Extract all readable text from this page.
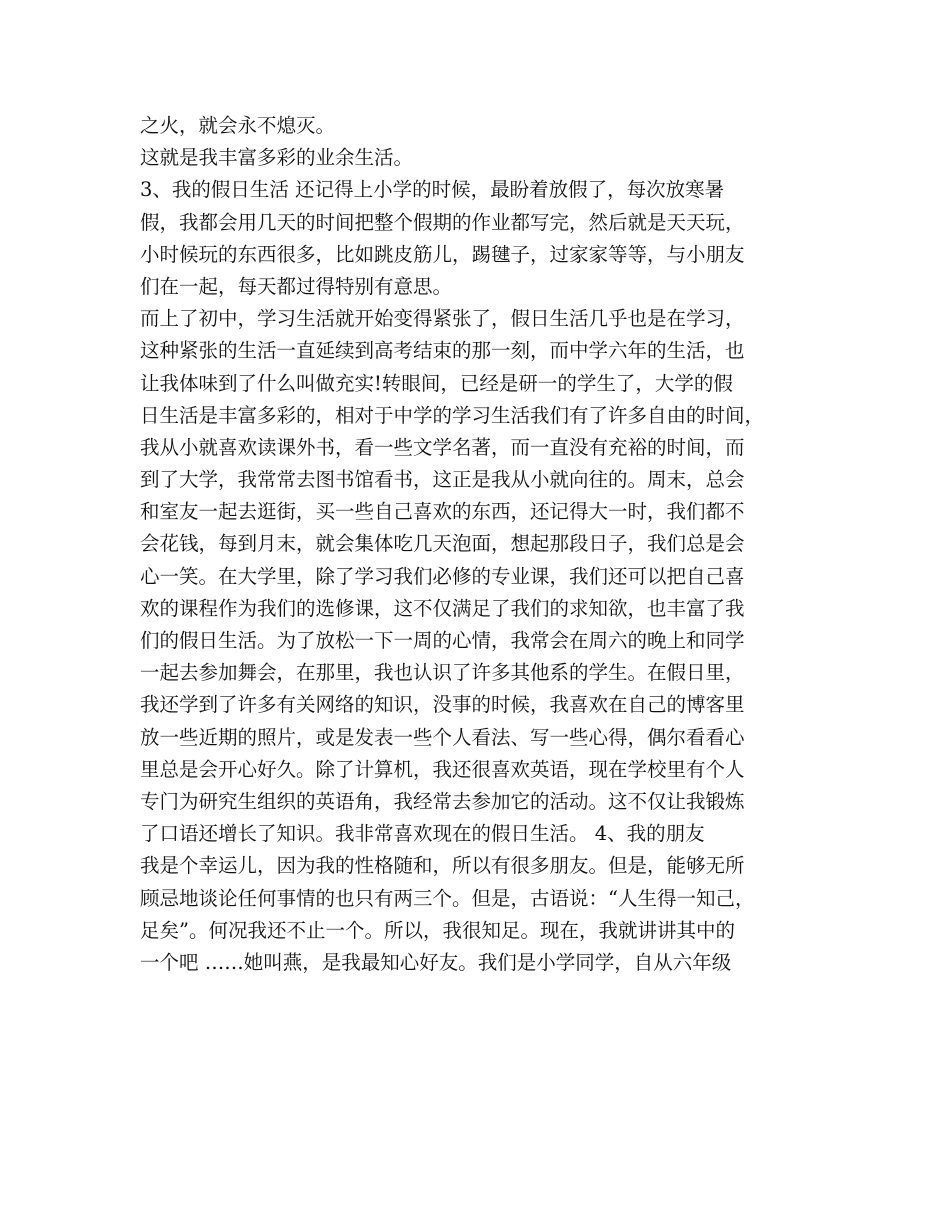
之火，就会永不熄灭。
这就是我丰富多彩的业余生活。
3、我的假日生活 还记得上小学的时候，最盼着放假了，每次放寒暑
假，我都会用几天的时间把整个假期的作业都写完，然后就是天天玩，
小时候玩的东西很多，比如跳皮筋儿，踢毽子，过家家等等，与小朋友
们在一起，每天都过得特别有意思。
而上了初中，学习生活就开始变得紧张了，假日生活几乎也是在学习，
这种紧张的生活一直延续到高考结束的那一刻，而中学六年的生活，也
让我体味到了什么叫做充实!转眼间，已经是研一的学生了，大学的假
日生活是丰富多彩的，相对于中学的学习生活我们有了许多自由的时间，
我从小就喜欢读课外书，看一些文学名著，而一直没有充裕的时间，而
到了大学，我常常去图书馆看书，这正是我从小就向往的。周末，总会
和室友一起去逛街，买一些自己喜欢的东西，还记得大一时，我们都不
会花钱，每到月末，就会集体吃几天泡面，想起那段日子，我们总是会
心一笑。在大学里，除了学习我们必修的专业课，我们还可以把自己喜
欢的课程作为我们的选修课，这不仅满足了我们的求知欲，也丰富了我
们的假日生活。为了放松一下一周的心情，我常会在周六的晚上和同学
一起去参加舞会，在那里，我也认识了许多其他系的学生。在假日里，
我还学到了许多有关网络的知识，没事的时候，我喜欢在自己的博客里
放一些近期的照片，或是发表一些个人看法、写一些心得，偶尔看看心
里总是会开心好久。除了计算机，我还很喜欢英语，现在学校里有个人
专门为研究生组织的英语角，我经常去参加它的活动。这不仅让我锻炼
了口语还增长了知识。我非常喜欢现在的假日生活。 4、我的朋友
我是个幸运儿，因为我的性格随和，所以有很多朋友。但是，能够无所
顾忌地谈论任何事情的也只有两三个。但是，古语说：“人生得一知己，
足矣”。何况我还不止一个。所以，我很知足。现在，我就讲讲其中的
一个吧 ……她叫燕，是我最知心好友。我们是小学同学，自从六年级
